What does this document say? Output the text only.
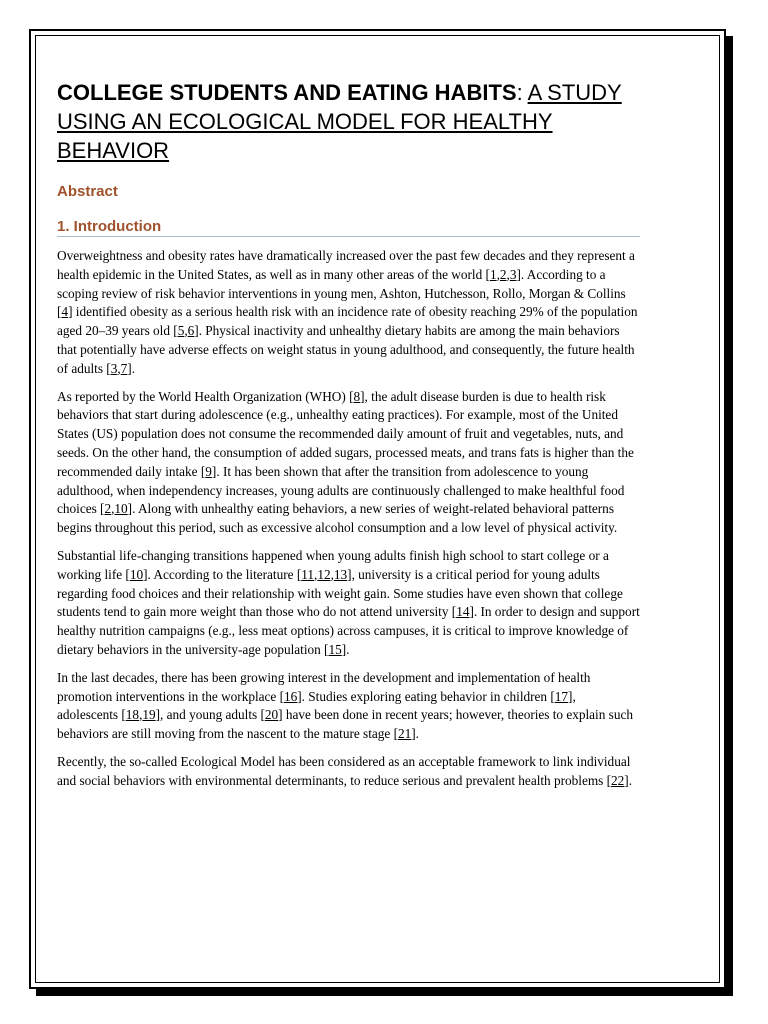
COLLEGE STUDENTS AND EATING HABITS: A STUDY USING AN ECOLOGICAL MODEL FOR HEALTHY BEHAVIOR
Abstract
1. Introduction

Overweightness and obesity rates have dramatically increased over the past few decades and they represent a health epidemic in the United States, as well as in many other areas of the world [1,2,3]. According to a scoping review of risk behavior interventions in young men, Ashton, Hutchesson, Rollo, Morgan & Collins [4] identified obesity as a serious health risk with an incidence rate of obesity reaching 29% of the population aged 20–39 years old [5,6]. Physical inactivity and unhealthy dietary habits are among the main behaviors that potentially have adverse effects on weight status in young adulthood, and consequently, the future health of adults [3,7].

As reported by the World Health Organization (WHO) [8], the adult disease burden is due to health risk behaviors that start during adolescence (e.g., unhealthy eating practices). For example, most of the United States (US) population does not consume the recommended daily amount of fruit and vegetables, nuts, and seeds. On the other hand, the consumption of added sugars, processed meats, and trans fats is higher than the recommended daily intake [9]. It has been shown that after the transition from adolescence to young adulthood, when independency increases, young adults are continuously challenged to make healthful food choices [2,10]. Along with unhealthy eating behaviors, a new series of weight-related behavioral patterns begins throughout this period, such as excessive alcohol consumption and a low level of physical activity.

Substantial life-changing transitions happened when young adults finish high school to start college or a working life [10]. According to the literature [11,12,13], university is a critical period for young adults regarding food choices and their relationship with weight gain. Some studies have even shown that college students tend to gain more weight than those who do not attend university [14]. In order to design and support healthy nutrition campaigns (e.g., less meat options) across campuses, it is critical to improve knowledge of dietary behaviors in the university-age population [15].

In the last decades, there has been growing interest in the development and implementation of health promotion interventions in the workplace [16]. Studies exploring eating behavior in children [17], adolescents [18,19], and young adults [20] have been done in recent years; however, theories to explain such behaviors are still moving from the nascent to the mature stage [21].

Recently, the so-called Ecological Model has been considered as an acceptable framework to link individual and social behaviors with environmental determinants, to reduce serious and prevalent health problems [22].
